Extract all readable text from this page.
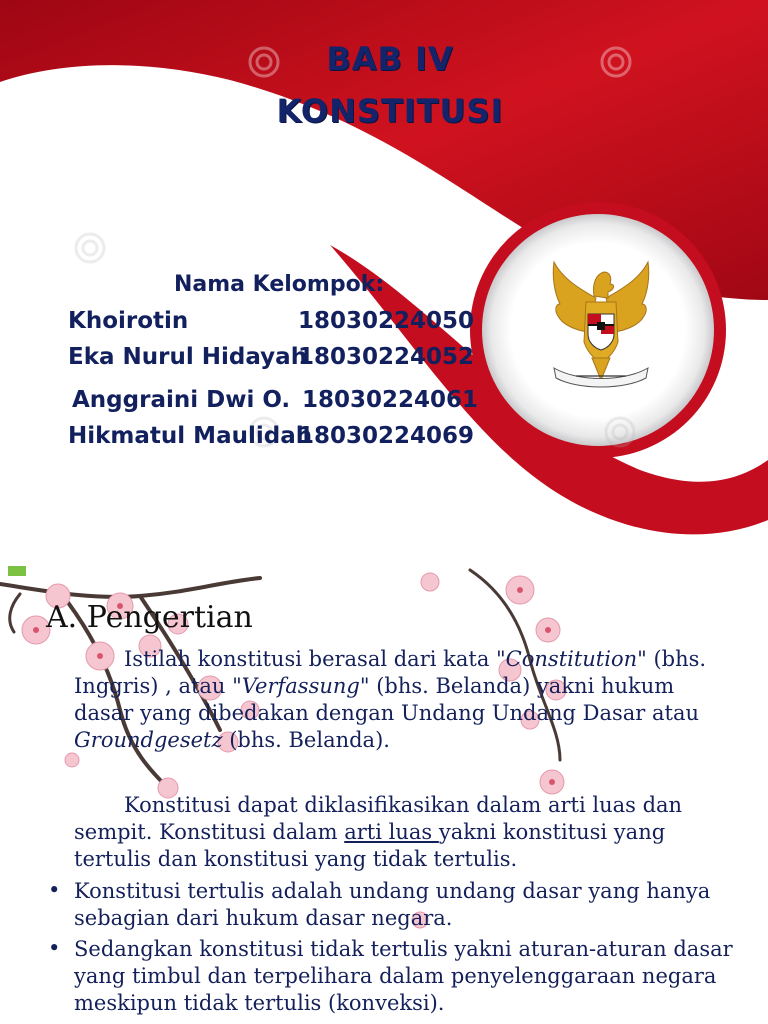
BAB IV
KONSTITUSI
Nama Kelompok:
Khoirotin	18030224050
Eka Nurul Hidayah
18030224052
Anggraini Dwi O. 18030224061
Hikmatul Maulidah
18030224069
A. Pengertian
Istilah konstitusi berasal dari kata "Constitution" (bhs. Inggris) , atau "Verfassung" (bhs. Belanda) yakni hukum dasar yang dibedakan dengan Undang Undang Dasar atau Groundgesetz (bhs. Belanda).
Konstitusi dapat diklasifikasikan dalam arti luas dan sempit. Konstitusi dalam arti luas yakni konstitusi yang tertulis dan konstitusi yang tidak tertulis.
• Konstitusi tertulis adalah undang undang dasar yang hanya sebagian dari hukum dasar negara.
• Sedangkan konstitusi tidak tertulis yakni aturan-aturan dasar yang timbul dan terpelihara dalam penyelenggaraan negara meskipun tidak tertulis (konveksi).
